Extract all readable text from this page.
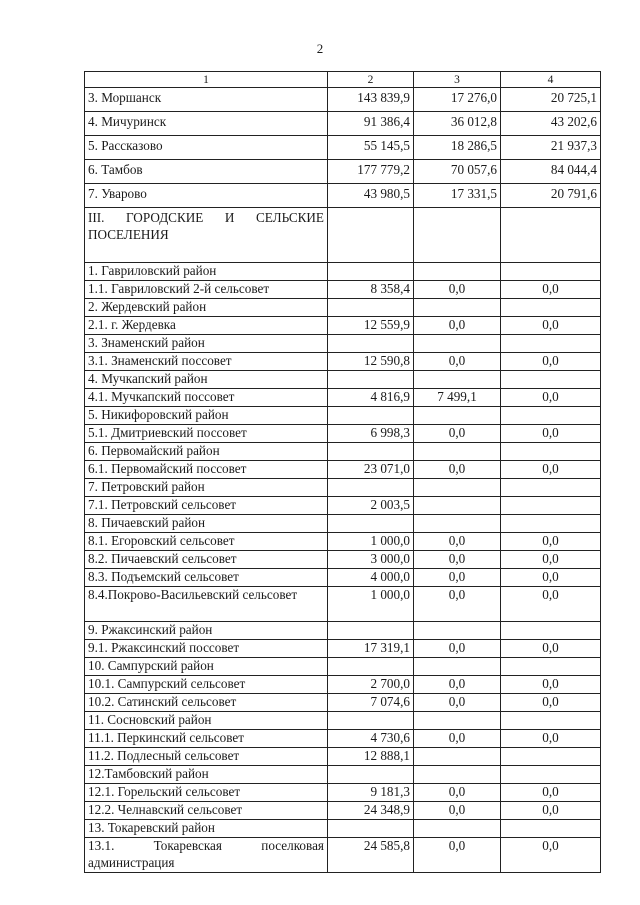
2
1	2	3	4
3. Моршанск	143 839,9	17 276,0	20 725,1
4. Мичуринск	91 386,4	36 012,8	43 202,6
5. Рассказово	55 145,5	18 286,5	21 937,3
6. Тамбов	177 779,2	70 057,6	84 044,4
7. Уварово	43 980,5	17 331,5	20 791,6
III. ГОРОДСКИЕ И СЕЛЬСКИЕ ПОСЕЛЕНИЯ			
1. Гавриловский район			
1.1. Гавриловский 2-й сельсовет	8 358,4	0,0	0,0
2. Жердевский район			
2.1. г. Жердевка	12 559,9	0,0	0,0
3. Знаменский район			
3.1. Знаменский поссовет	12 590,8	0,0	0,0
4. Мучкапский район			
4.1. Мучкапский поссовет	4 816,9	7 499,1	0,0
5. Никифоровский район			
5.1. Дмитриевский поссовет	6 998,3	0,0	0,0
6. Первомайский район			
6.1. Первомайский поссовет	23 071,0	0,0	0,0
7. Петровский район			
7.1. Петровский сельсовет	2 003,5		
8. Пичаевский район			
8.1. Егоровский сельсовет	1 000,0	0,0	0,0
8.2. Пичаевский сельсовет	3 000,0	0,0	0,0
8.3. Подъемский сельсовет	4 000,0	0,0	0,0
8.4.Покрово-Васильевский сельсовет	1 000,0	0,0	0,0
9. Ржаксинский район			
9.1. Ржаксинский поссовет	17 319,1	0,0	0,0
10. Сампурский район			
10.1. Сампурский сельсовет	2 700,0	0,0	0,0
10.2. Сатинский сельсовет	7 074,6	0,0	0,0
11. Сосновский район			
11.1. Перкинский сельсовет	4 730,6	0,0	0,0
11.2. Подлесный сельсовет	12 888,1		
12.Тамбовский район			
12.1. Горельский сельсовет	9 181,3	0,0	0,0
12.2. Челнавский сельсовет	24 348,9	0,0	0,0
13. Токаревский район			
13.1. Токаревская поселковая администрация	24 585,8	0,0	0,0
